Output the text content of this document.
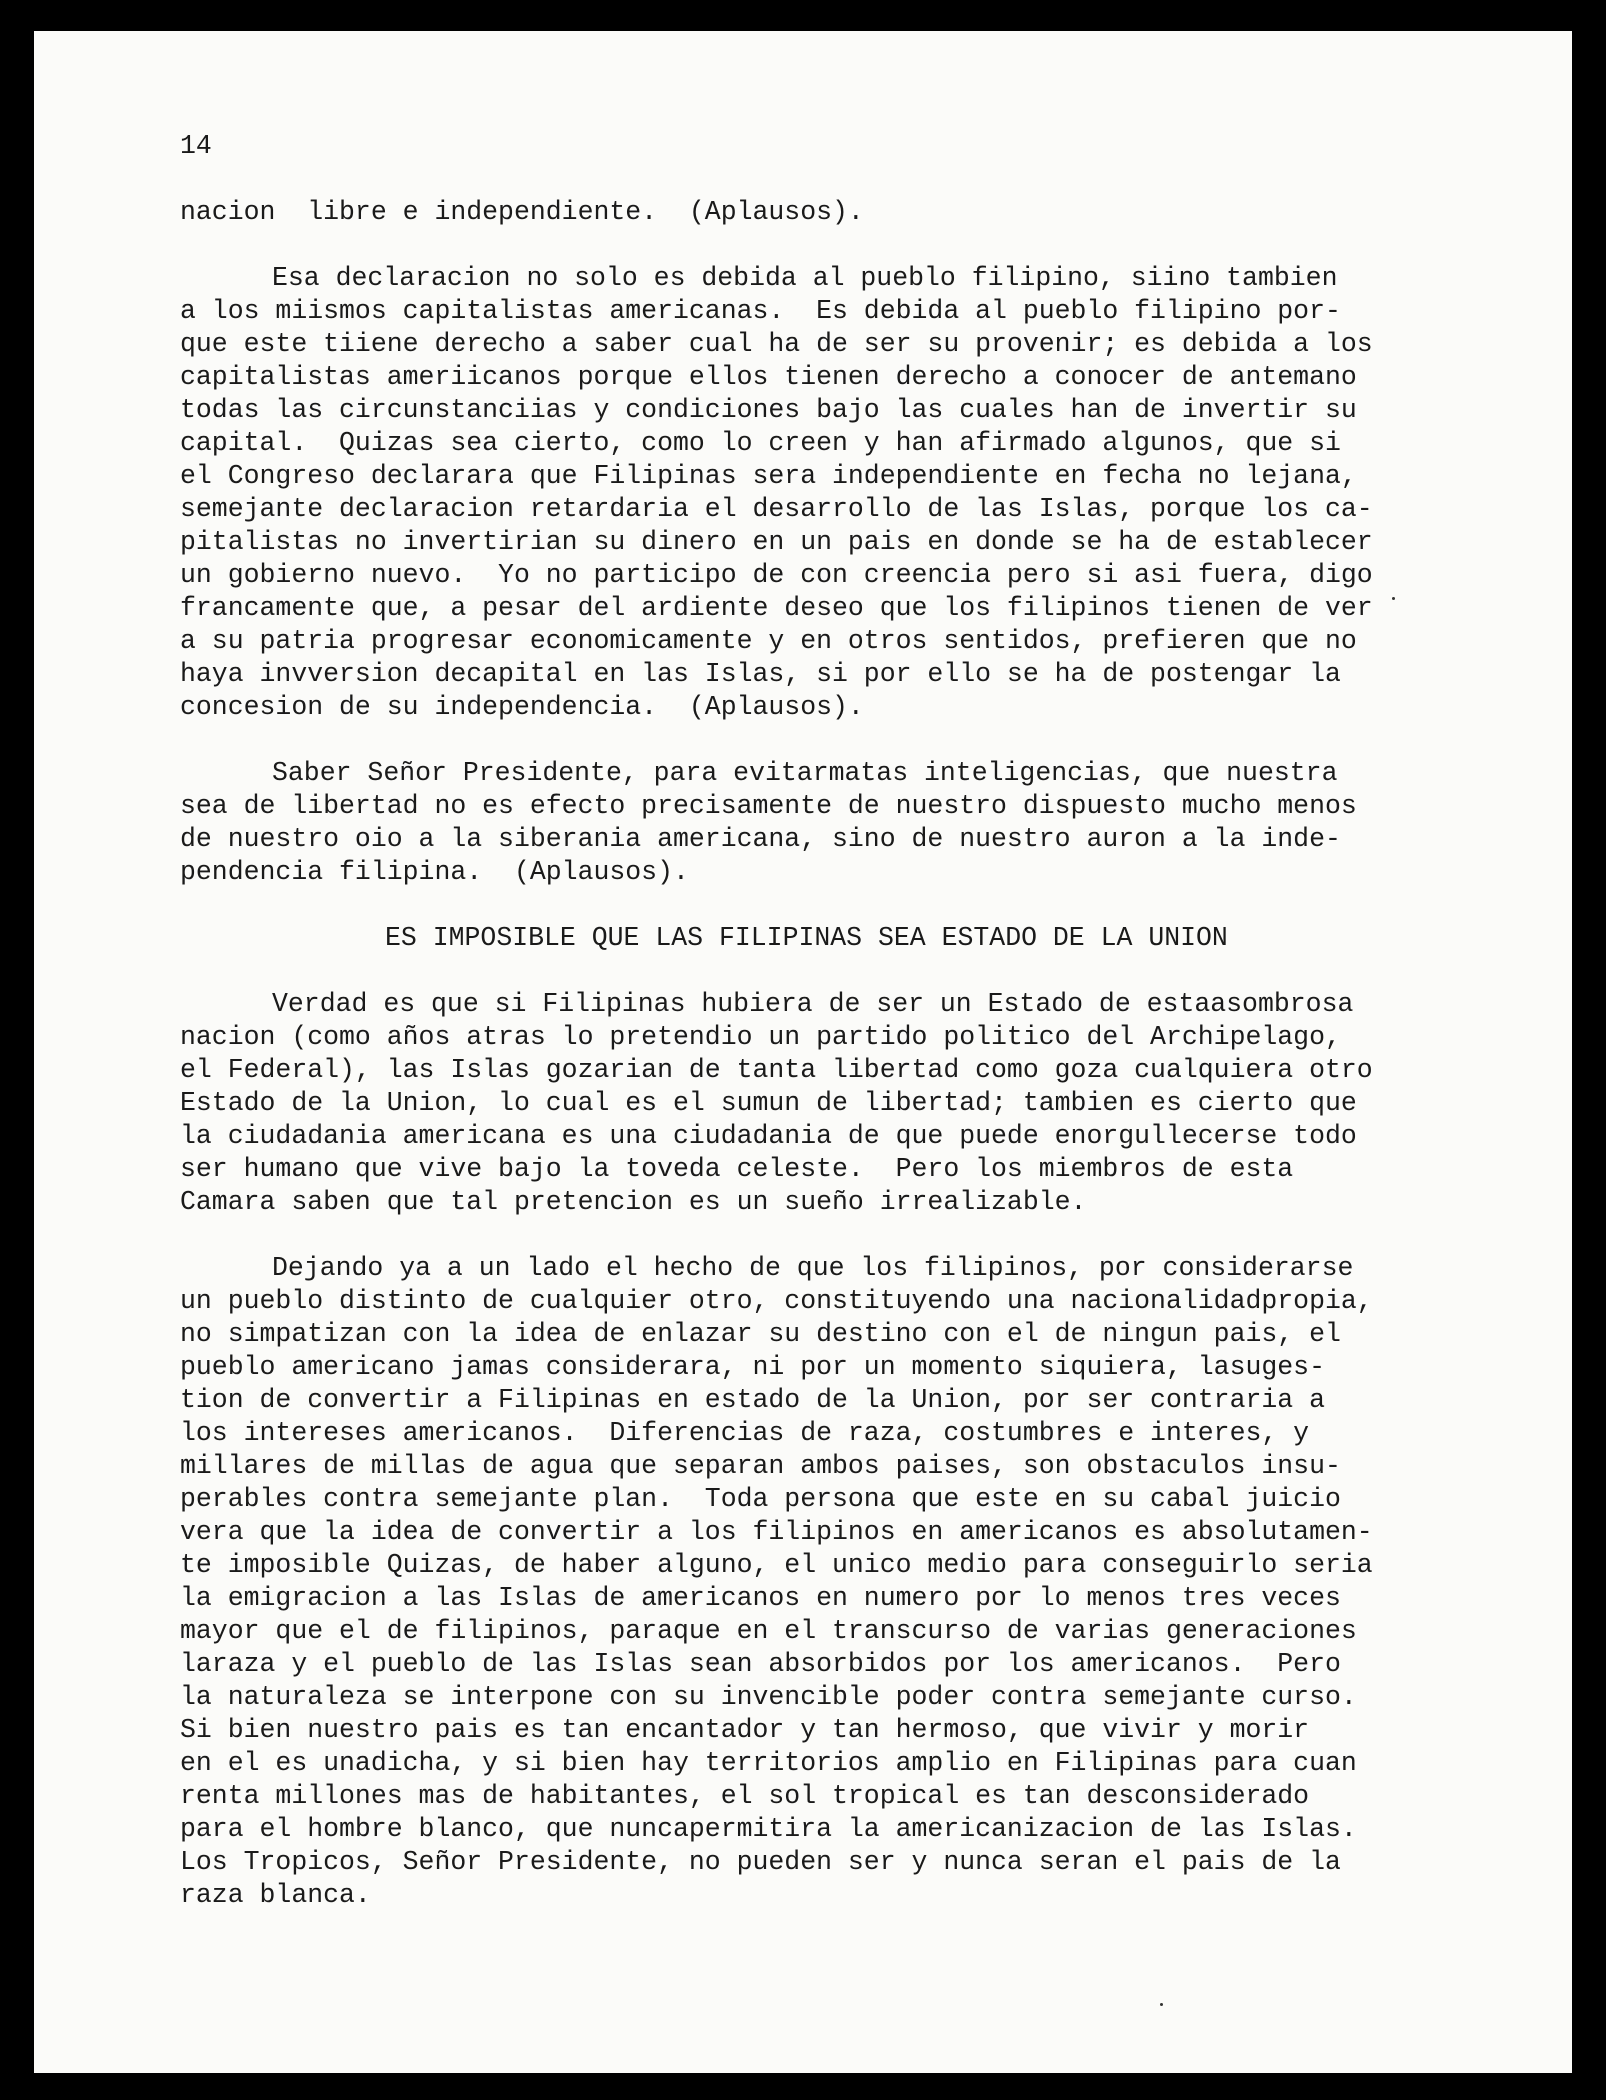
14
nacion  libre e independiente.  (Aplausos).
Esa declaracion no solo es debida al pueblo filipino, siino tambien
a los miismos capitalistas americanas.  Es debida al pueblo filipino por-
que este tiiene derecho a saber cual ha de ser su provenir; es debida a los
capitalistas ameriicanos porque ellos tienen derecho a conocer de antemano
todas las circunstanciias y condiciones bajo las cuales han de invertir su
capital.  Quizas sea cierto, como lo creen y han afirmado algunos, que si
el Congreso declarara que Filipinas sera independiente en fecha no lejana,
semejante declaracion retardaria el desarrollo de las Islas, porque los ca-
pitalistas no invertirian su dinero en un pais en donde se ha de establecer
un gobierno nuevo.  Yo no participo de con creencia pero si asi fuera, digo
francamente que, a pesar del ardiente deseo que los filipinos tienen de ver
a su patria progresar economicamente y en otros sentidos, prefieren que no
haya invversion decapital en las Islas, si por ello se ha de postengar la
concesion de su independencia.  (Aplausos).
Saber Señor Presidente, para evitarmatas inteligencias, que nuestra
sea de libertad no es efecto precisamente de nuestro dispuesto mucho menos
de nuestro oio a la siberania americana, sino de nuestro auron a la inde-
pendencia filipina.  (Aplausos).
ES IMPOSIBLE QUE LAS FILIPINAS SEA ESTADO DE LA UNION
Verdad es que si Filipinas hubiera de ser un Estado de estaasombrosa
nacion (como años atras lo pretendio un partido politico del Archipelago,
el Federal), las Islas gozarian de tanta libertad como goza cualquiera otro
Estado de la Union, lo cual es el sumun de libertad; tambien es cierto que
la ciudadania americana es una ciudadania de que puede enorgullecerse todo
ser humano que vive bajo la toveda celeste.  Pero los miembros de esta
Camara saben que tal pretencion es un sueño irrealizable.
Dejando ya a un lado el hecho de que los filipinos, por considerarse
un pueblo distinto de cualquier otro, constituyendo una nacionalidadpropia,
no simpatizan con la idea de enlazar su destino con el de ningun pais, el
pueblo americano jamas considerara, ni por un momento siquiera, lasuges-
tion de convertir a Filipinas en estado de la Union, por ser contraria a
los intereses americanos.  Diferencias de raza, costumbres e interes, y
millares de millas de agua que separan ambos paises, son obstaculos insu-
perables contra semejante plan.  Toda persona que este en su cabal juicio
vera que la idea de convertir a los filipinos en americanos es absolutamen-
te imposible Quizas, de haber alguno, el unico medio para conseguirlo seria
la emigracion a las Islas de americanos en numero por lo menos tres veces
mayor que el de filipinos, paraque en el transcurso de varias generaciones
laraza y el pueblo de las Islas sean absorbidos por los americanos.  Pero
la naturaleza se interpone con su invencible poder contra semejante curso.
Si bien nuestro pais es tan encantador y tan hermoso, que vivir y morir
en el es unadicha, y si bien hay territorios amplio en Filipinas para cuan
renta millones mas de habitantes, el sol tropical es tan desconsiderado
para el hombre blanco, que nuncapermitira la americanizacion de las Islas.
Los Tropicos, Señor Presidente, no pueden ser y nunca seran el pais de la
raza blanca.
